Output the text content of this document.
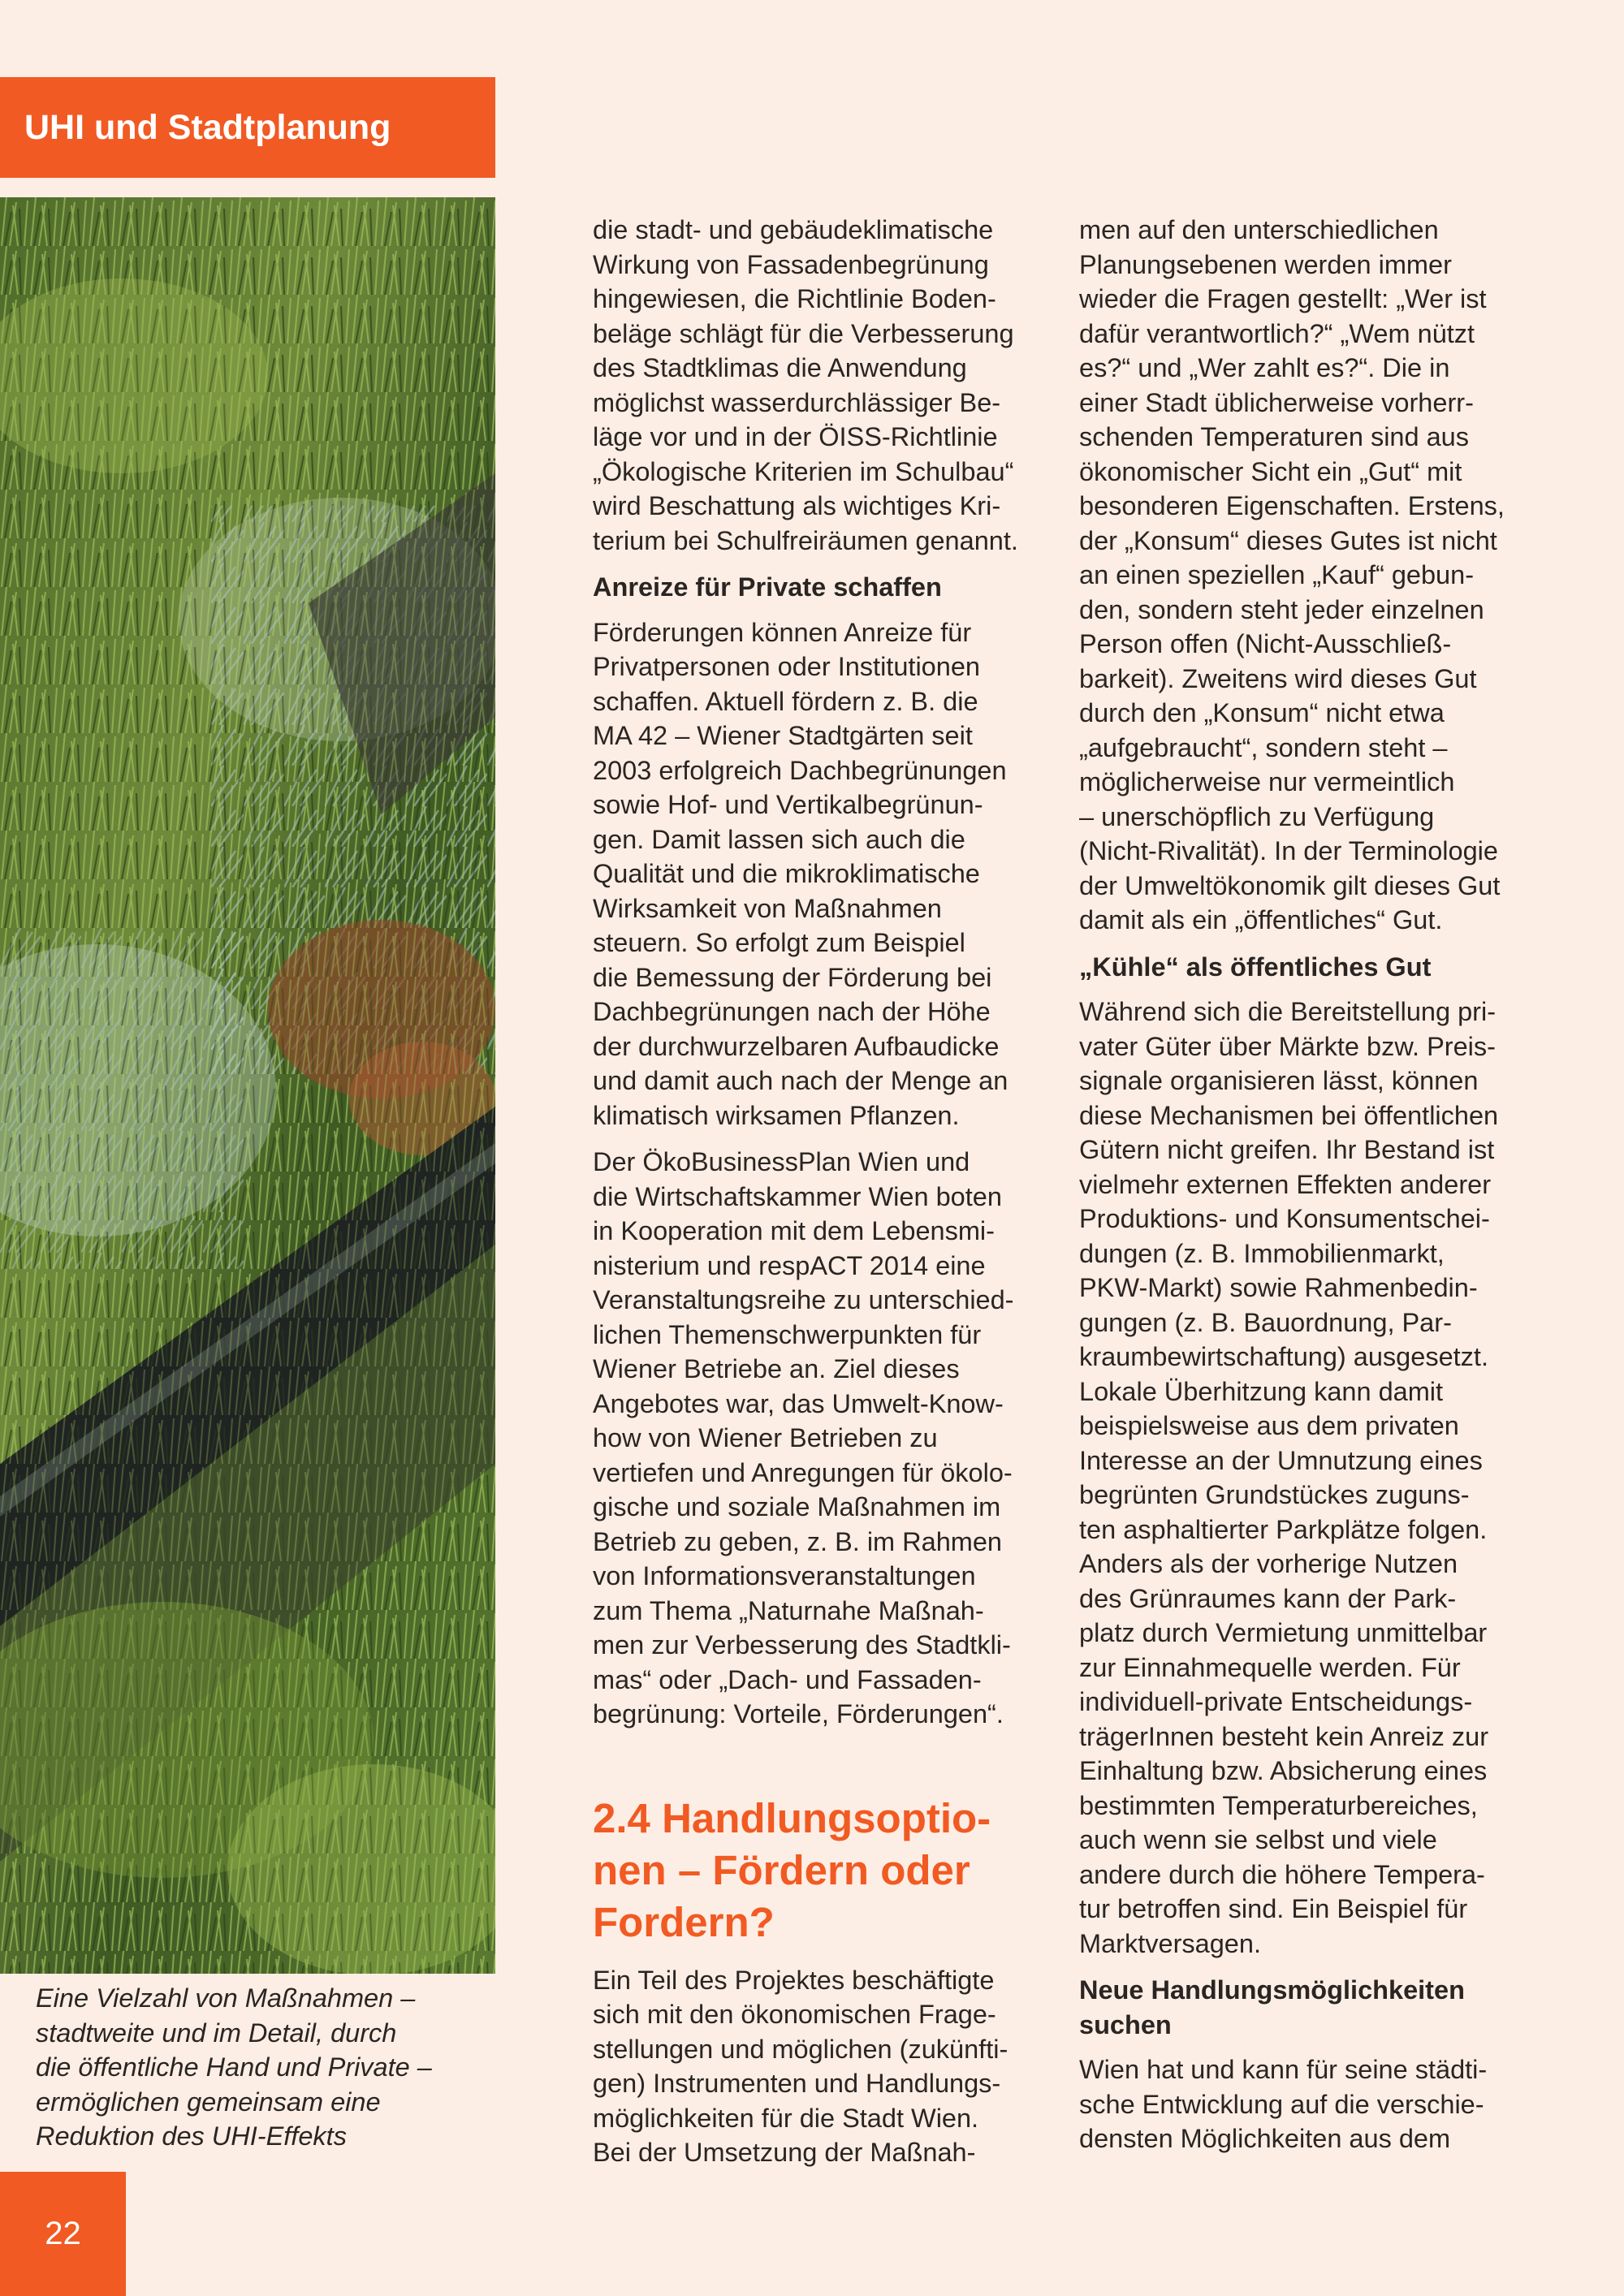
UHI und Stadtplanung

Eine Vielzahl von Maßnahmen –
stadtweite und im Detail, durch
die öffentliche Hand und Private –
ermöglichen gemeinsam eine
Reduktion des UHI-Effekts

22

die stadt- und gebäudeklimatische
Wirkung von Fassadenbegrünung
hingewiesen, die Richtlinie Boden-
beläge schlägt für die Verbesserung
des Stadtklimas die Anwendung
möglichst wasserdurchlässiger Be-
läge vor und in der ÖISS-Richtlinie
„Ökologische Kriterien im Schulbau“
wird Beschattung als wichtiges Kri-
terium bei Schulfreiräumen genannt.

Anreize für Private schaffen

Förderungen können Anreize für
Privatpersonen oder Institutionen
schaffen. Aktuell fördern z. B. die
MA 42 – Wiener Stadtgärten seit
2003 erfolgreich Dachbegrünungen
sowie Hof- und Vertikalbegrünun-
gen. Damit lassen sich auch die
Qualität und die mikroklimatische
Wirksamkeit von Maßnahmen
steuern. So erfolgt zum Beispiel
die Bemessung der Förderung bei
Dachbegrünungen nach der Höhe
der durchwurzelbaren Aufbaudicke
und damit auch nach der Menge an
klimatisch wirksamen Pflanzen.

Der ÖkoBusinessPlan Wien und
die Wirtschaftskammer Wien boten
in Kooperation mit dem Lebensmi-
nisterium und respACT 2014 eine
Veranstaltungsreihe zu unterschied-
lichen Themenschwerpunkten für
Wiener Betriebe an. Ziel dieses
Angebotes war, das Umwelt-Know-
how von Wiener Betrieben zu
vertiefen und Anregungen für ökolo-
gische und soziale Maßnahmen im
Betrieb zu geben, z. B. im Rahmen
von Informationsveranstaltungen
zum Thema „Naturnahe Maßnah-
men zur Verbesserung des Stadtkli-
mas“ oder „Dach- und Fassaden-
begrünung: Vorteile, Förderungen“.

2.4 Handlungsoptio-
nen – Fördern oder
Fordern?

Ein Teil des Projektes beschäftigte
sich mit den ökonomischen Frage-
stellungen und möglichen (zukünfti-
gen) Instrumenten und Handlungs-
möglichkeiten für die Stadt Wien.
Bei der Umsetzung der Maßnah-

men auf den unterschiedlichen
Planungsebenen werden immer
wieder die Fragen gestellt: „Wer ist
dafür verantwortlich?“ „Wem nützt
es?“ und „Wer zahlt es?“. Die in
einer Stadt üblicherweise vorherr-
schenden Temperaturen sind aus
ökonomischer Sicht ein „Gut“ mit
besonderen Eigenschaften. Erstens,
der „Konsum“ dieses Gutes ist nicht
an einen speziellen „Kauf“ gebun-
den, sondern steht jeder einzelnen
Person offen (Nicht-Ausschließ-
barkeit). Zweitens wird dieses Gut
durch den „Konsum“ nicht etwa
„aufgebraucht“, sondern steht –
möglicherweise nur vermeintlich
– unerschöpflich zu Verfügung
(Nicht-Rivalität). In der Terminologie
der Umweltökonomik gilt dieses Gut
damit als ein „öffentliches“ Gut.

„Kühle“ als öffentliches Gut

Während sich die Bereitstellung pri-
vater Güter über Märkte bzw. Preis-
signale organisieren lässt, können
diese Mechanismen bei öffentlichen
Gütern nicht greifen. Ihr Bestand ist
vielmehr externen Effekten anderer
Produktions- und Konsumentschei-
dungen (z. B. Immobilienmarkt,
PKW-Markt) sowie Rahmenbedin-
gungen (z. B. Bauordnung, Par-
kraumbewirtschaftung) ausgesetzt.
Lokale Überhitzung kann damit
beispielsweise aus dem privaten
Interesse an der Umnutzung eines
begrünten Grundstückes zuguns-
ten asphaltierter Parkplätze folgen.
Anders als der vorherige Nutzen
des Grünraumes kann der Park-
platz durch Vermietung unmittelbar
zur Einnahmequelle werden. Für
individuell-private Entscheidungs-
trägerInnen besteht kein Anreiz zur
Einhaltung bzw. Absicherung eines
bestimmten Temperaturbereiches,
auch wenn sie selbst und viele
andere durch die höhere Tempera-
tur betroffen sind. Ein Beispiel für
Marktversagen.

Neue Handlungsmöglichkeiten
suchen

Wien hat und kann für seine städti-
sche Entwicklung auf die verschie-
densten Möglichkeiten aus dem
